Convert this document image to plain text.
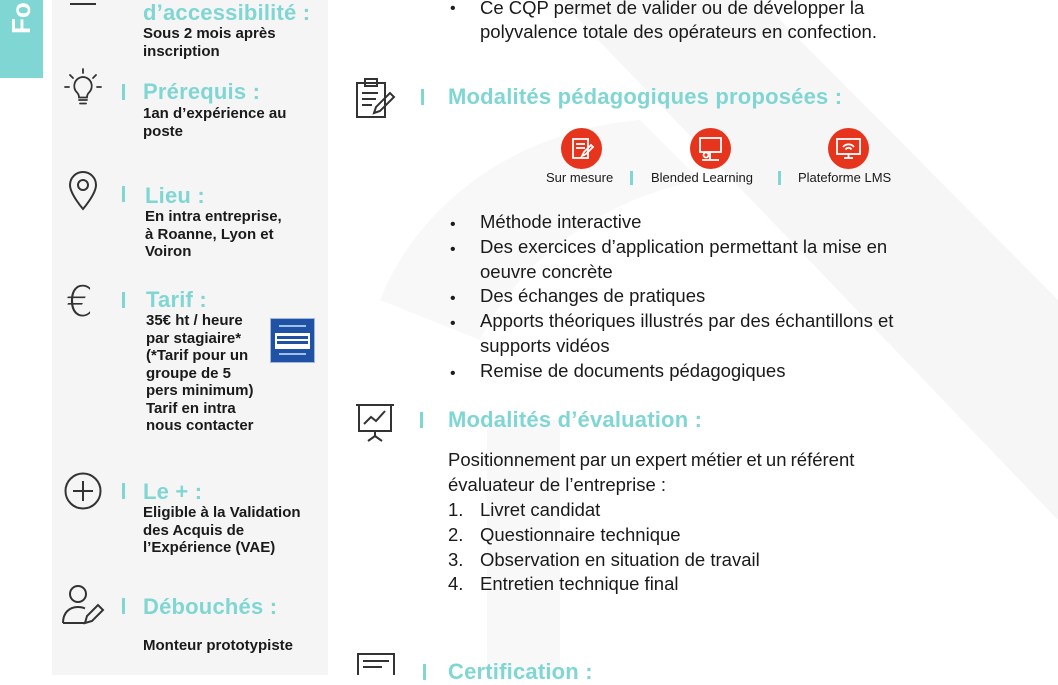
Fo	d’accessibilité :
Sous 2 mois après
inscription
Prérequis :
1an d’expérience au
poste
Lieu :
En intra entreprise,
à Roanne, Lyon et
Voiron
€ Tarif :
35€ ht / heure
par stagiaire*
(*Tarif pour un
groupe de 5
pers minimum)
Tarif en intra
nous contacter
Le + :
Eligible à la Validation
des Acquis de
l’Expérience (VAE)
Débouchés :
Monteur prototypiste
• Ce CQP permet de valider ou de développer la
polyvalence totale des opérateurs en confection.
Modalités pédagogiques proposées :
Sur mesure	Blended Learning	Plateforme LMS
• Méthode interactive
• Des exercices d’application permettant la mise en
oeuvre concrète
• Des échanges de pratiques
• Apports théoriques illustrés par des échantillons et
supports vidéos
• Remise de documents pédagogiques
Modalités d’évaluation :
Positionnement par un expert métier et un référent
évaluateur de l’entreprise :
1. Livret candidat
2. Questionnaire technique
3. Observation en situation de travail
4. Entretien technique final
Certification :
